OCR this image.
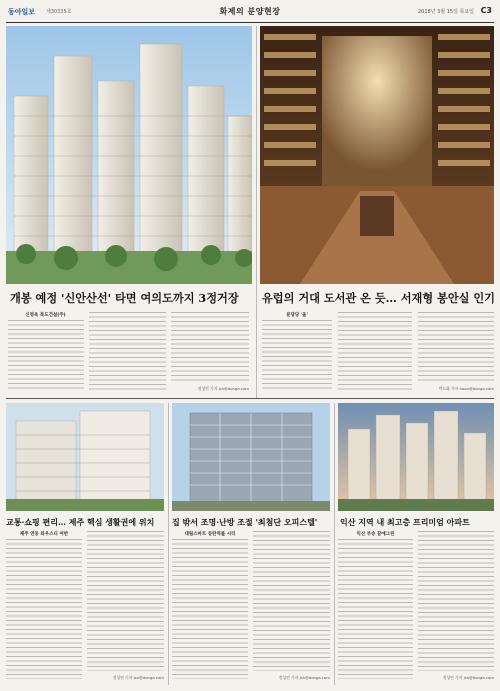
동아일보 제30335호	화제의 분양현장	2018년 3월 15일 목요일 C3
개봉 예정 '신안산선' 타면 여의도까지 3정거장
신영옥 북도건설(주)
정성연 기자 jsh@donga.com
유럽의 거대 도서관 온 듯… 서재형 봉안실 인기
분당당 '올'
박도화 기자 hoon@donga.com
교통·쇼핑 편리… 제주 핵심 생활권에 위치
제주 연동 와우스디 어반
정성연 기자 jsh@donga.com
집 밖서 조명·난방 조절 '최첨단 오피스텔'
대림스마트 동탄역를 시티
정성연 기자 jsh@donga.com
익산 지역 내 최고층 프리미엄 아파트
익산 부송 꿈에그린
정성연 기자 jsh@donga.com
